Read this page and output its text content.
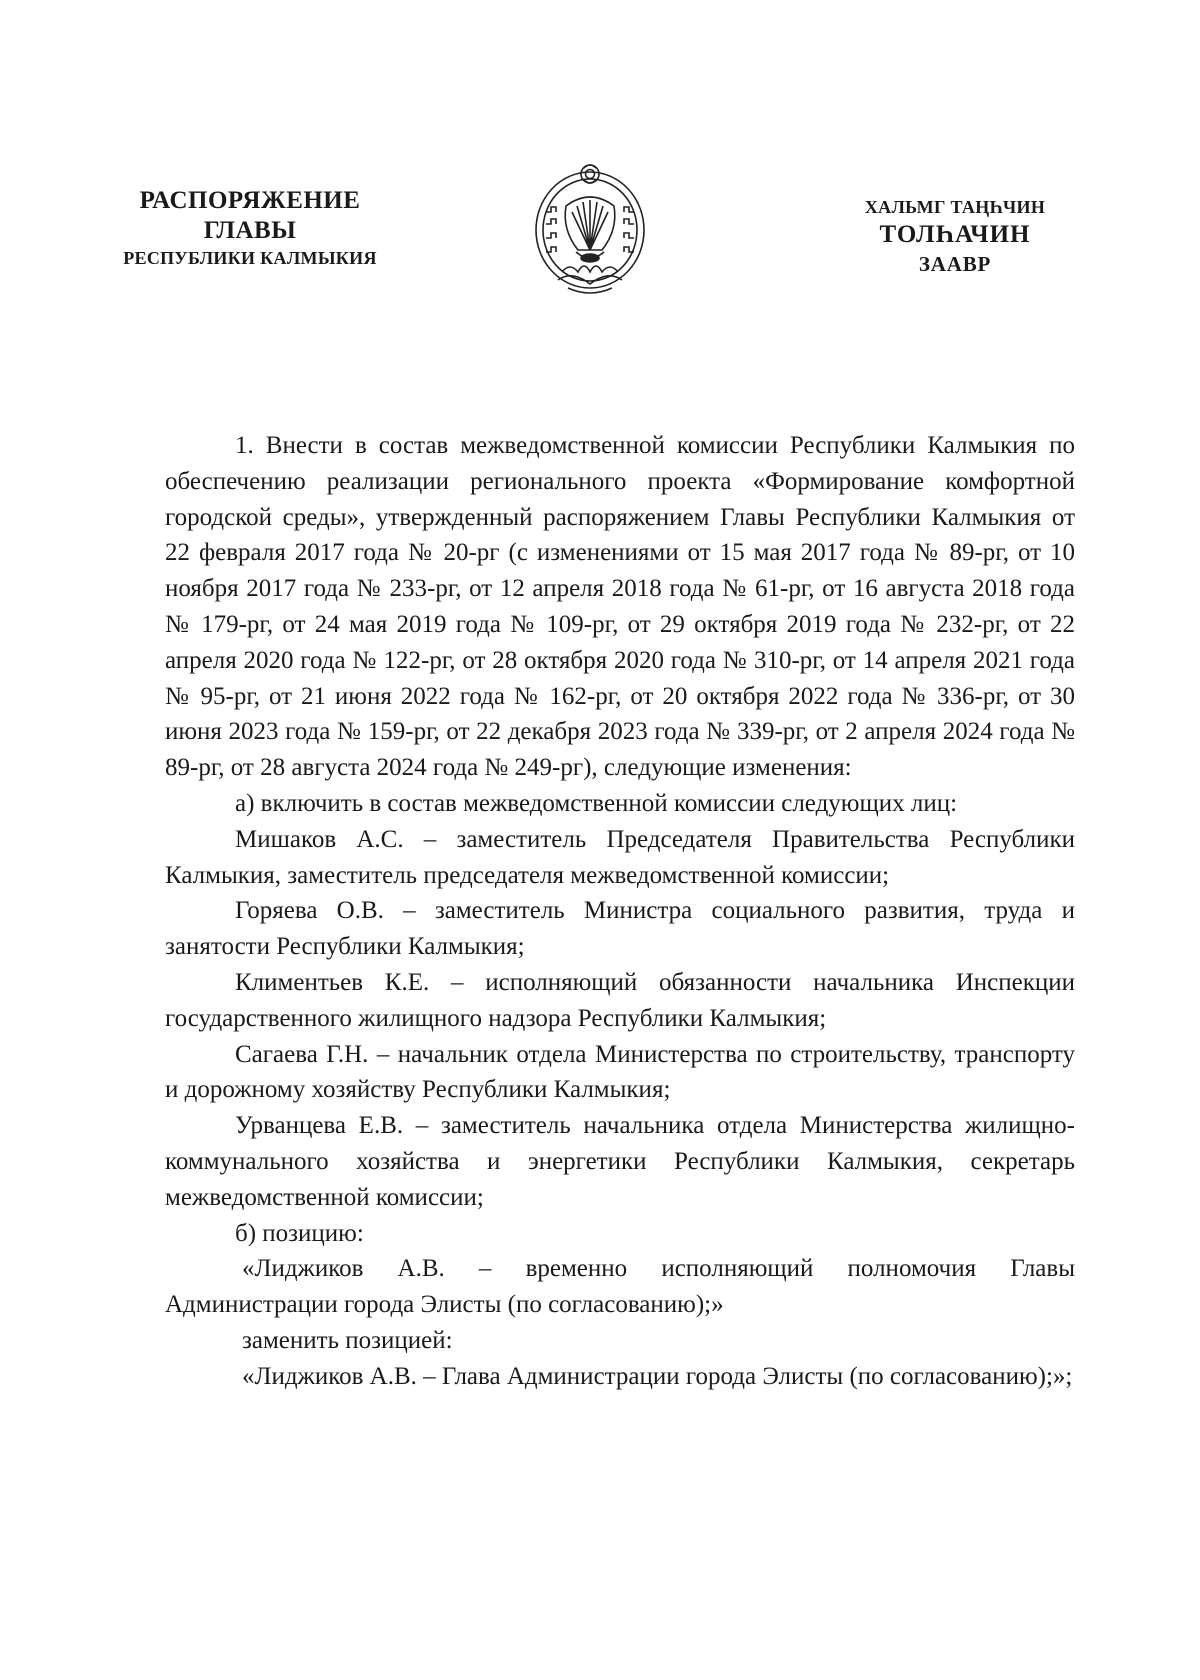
РАСПОРЯЖЕНИЕ
ГЛАВЫ
РЕСПУБЛИКИ КАЛМЫКИЯ
ХАЛЬМГ ТАҢҺЧИН
ТОЛҺАЧИН
ЗААВР

1. Внести в состав межведомственной комиссии Республики Калмыкия по обеспечению реализации регионального проекта «Формирование комфортной городской среды», утвержденный распоряжением Главы Республики Калмыкия от 22 февраля 2017 года № 20-рг (с изменениями от 15 мая 2017 года № 89-рг, от 10 ноября 2017 года № 233-рг, от 12 апреля 2018 года № 61-рг, от 16 августа 2018 года № 179-рг, от 24 мая 2019 года № 109-рг, от 29 октября 2019 года № 232-рг, от 22 апреля 2020 года № 122-рг, от 28 октября 2020 года № 310-рг, от 14 апреля 2021 года № 95-рг, от 21 июня 2022 года № 162-рг, от 20 октября 2022 года № 336-рг, от 30 июня 2023 года № 159-рг, от 22 декабря 2023 года № 339-рг, от 2 апреля 2024 года № 89-рг, от 28 августа 2024 года № 249-рг), следующие изменения:

а) включить в состав межведомственной комиссии следующих лиц:

Мишаков А.С. – заместитель Председателя Правительства Республики Калмыкия, заместитель председателя межведомственной комиссии;

Горяева О.В. – заместитель Министра социального развития, труда и занятости Республики Калмыкия;

Климентьев К.Е. – исполняющий обязанности начальника Инспекции государственного жилищного надзора Республики Калмыкия;

Сагаева Г.Н. – начальник отдела Министерства по строительству, транспорту и дорожному хозяйству Республики Калмыкия;

Урванцева Е.В. – заместитель начальника отдела Министерства жилищно-коммунального хозяйства и энергетики Республики Калмыкия, секретарь межведомственной комиссии;

б) позицию:

«Лиджиков А.В. – временно исполняющий полномочия Главы Администрации города Элисты (по согласованию);»

заменить позицией:

«Лиджиков А.В. – Глава Администрации города Элисты (по согласованию);»;
